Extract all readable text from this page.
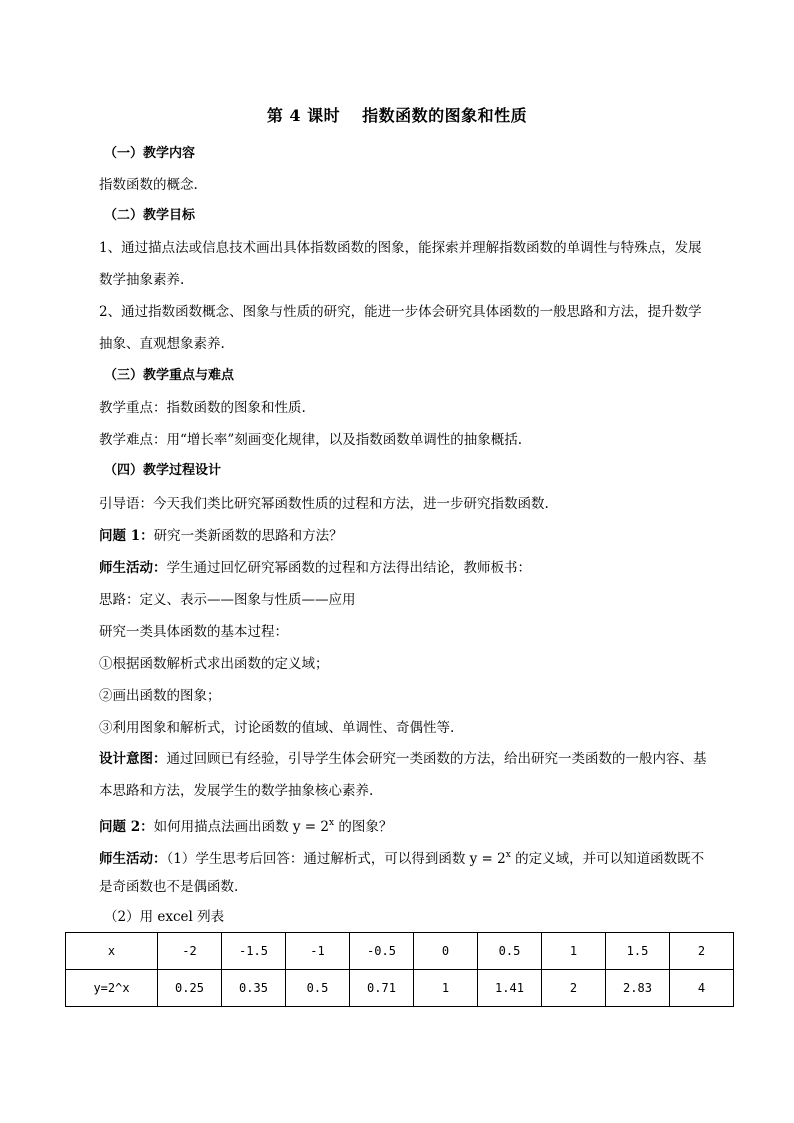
第 4 课时 指数函数的图象和性质
（一）教学内容
指数函数的概念.
（二）教学目标
1、通过描点法或信息技术画出具体指数函数的图象，能探索并理解指数函数的单调性与特殊点，发展
数学抽象素养.
2、通过指数函数概念、图象与性质的研究，能进一步体会研究具体函数的一般思路和方法，提升数学
抽象、直观想象素养.
（三）教学重点与难点
教学重点：指数函数的图象和性质.
教学难点：用“增长率”刻画变化规律，以及指数函数单调性的抽象概括.
（四）教学过程设计
引导语：今天我们类比研究幂函数性质的过程和方法，进一步研究指数函数.
问题 1：研究一类新函数的思路和方法？
师生活动：学生通过回忆研究幂函数的过程和方法得出结论，教师板书：
思路：定义、表示——图象与性质——应用
研究一类具体函数的基本过程：
①根据函数解析式求出函数的定义域；
②画出函数的图象；
③利用图象和解析式，讨论函数的值域、单调性、奇偶性等.
设计意图：通过回顾已有经验，引导学生体会研究一类函数的方法，给出研究一类函数的一般内容、基
本思路和方法，发展学生的数学抽象核心素养.
问题 2：如何用描点法画出函数 $y = 2^x$ 的图象？
师生活动：（1）学生思考后回答：通过解析式，可以得到函数 $y = 2^x$ 的定义域，并可以知道函数既不
是奇函数也不是偶函数.
（2）用 excel 列表
x	-2	-1.5	-1	-0.5	0	0.5	1	1.5	2
y=2^x	0.25	0.35	0.5	0.71	1	1.41	2	2.83	4
